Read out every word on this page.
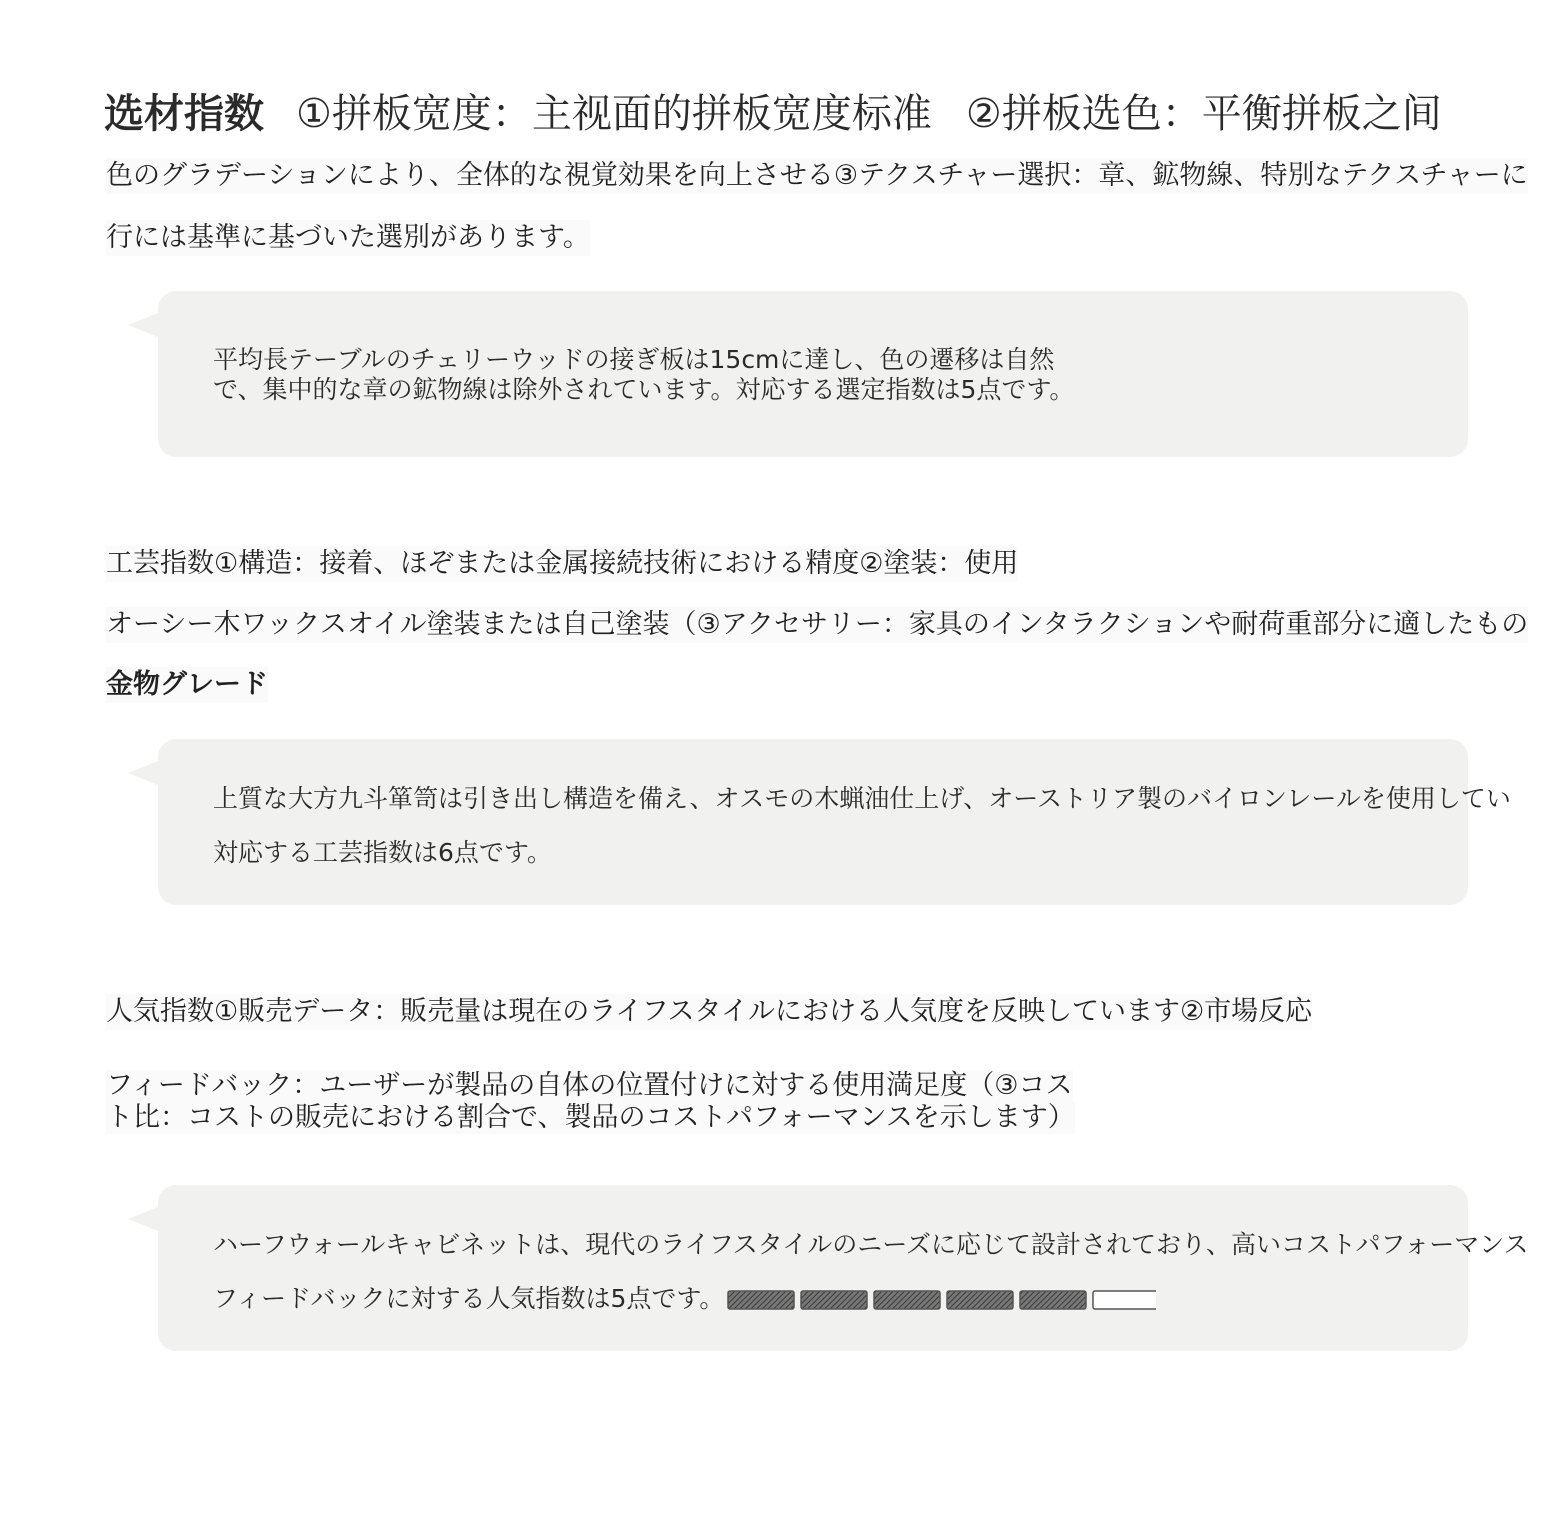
选材指数 ①拼板宽度：主视面的拼板宽度标准 ②拼板选色：平衡拼板之间
色のグラデーションにより、全体的な視覚効果を向上させる③テクスチャー選択：章、鉱物線、特別なテクスチャーに
行には基準に基づいた選別があります。
平均長テーブルのチェリーウッドの接ぎ板は15cmに達し、色の遷移は自然
で、集中的な章の鉱物線は除外されています。対応する選定指数は5点です。
工芸指数①構造：接着、ほぞまたは金属接続技術における精度②塗装：使用
オーシー木ワックスオイル塗装または自己塗装（③アクセサリー：家具のインタラクションや耐荷重部分に適したもの
金物グレード
上質な大方九斗箪笥は引き出し構造を備え、オスモの木蝋油仕上げ、オーストリア製のバイロンレールを使用してい
対応する工芸指数は6点です。
人気指数①販売データ：販売量は現在のライフスタイルにおける人気度を反映しています②市場反応
フィードバック：ユーザーが製品の自体の位置付けに対する使用満足度（③コス
ト比：コストの販売における割合で、製品のコストパフォーマンスを示します）
ハーフウォールキャビネットは、現代のライフスタイルのニーズに応じて設計されており、高いコストパフォーマンス
フィードバックに対する人気指数は5点です。
